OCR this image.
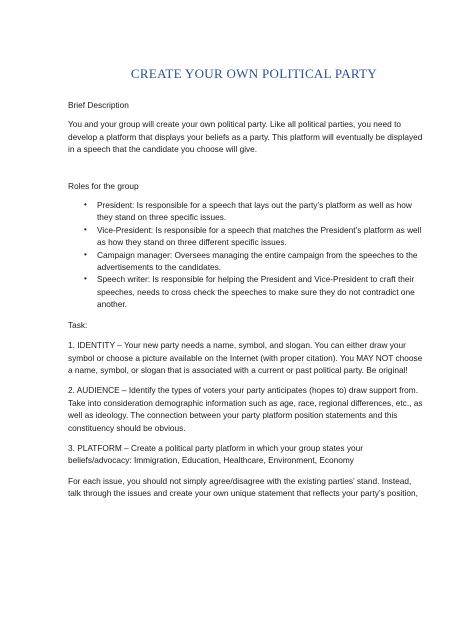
CREATE YOUR OWN POLITICAL PARTY
Brief Description

You and your group will create your own political party. Like all political parties, you need to develop a platform that displays your beliefs as a party. This platform will eventually be displayed in a speech that the candidate you choose will give.

Roles for the group
• President: Is responsible for a speech that lays out the party’s platform as well as how they stand on three specific issues.
• Vice-President: Is responsible for a speech that matches the President’s platform as well as how they stand on three different specific issues.
• Campaign manager: Oversees managing the entire campaign from the speeches to the advertisements to the candidates.
• Speech writer: Is responsible for helping the President and Vice-President to craft their speeches, needs to cross check the speeches to make sure they do not contradict one another.
Task:

1. IDENTITY – Your new party needs a name, symbol, and slogan. You can either draw your symbol or choose a picture available on the Internet (with proper citation). You MAY NOT choose a name, symbol, or slogan that is associated with a current or past political party. Be original!

2. AUDIENCE – Identify the types of voters your party anticipates (hopes to) draw support from. Take into consideration demographic information such as age, race, regional differences, etc., as well as ideology. The connection between your party platform position statements and this constituency should be obvious.

3. PLATFORM – Create a political party platform in which your group states your beliefs/advocacy: Immigration, Education, Healthcare, Environment, Economy

For each issue, you should not simply agree/disagree with the existing parties’ stand. Instead, talk through the issues and create your own unique statement that reflects your party’s position,
